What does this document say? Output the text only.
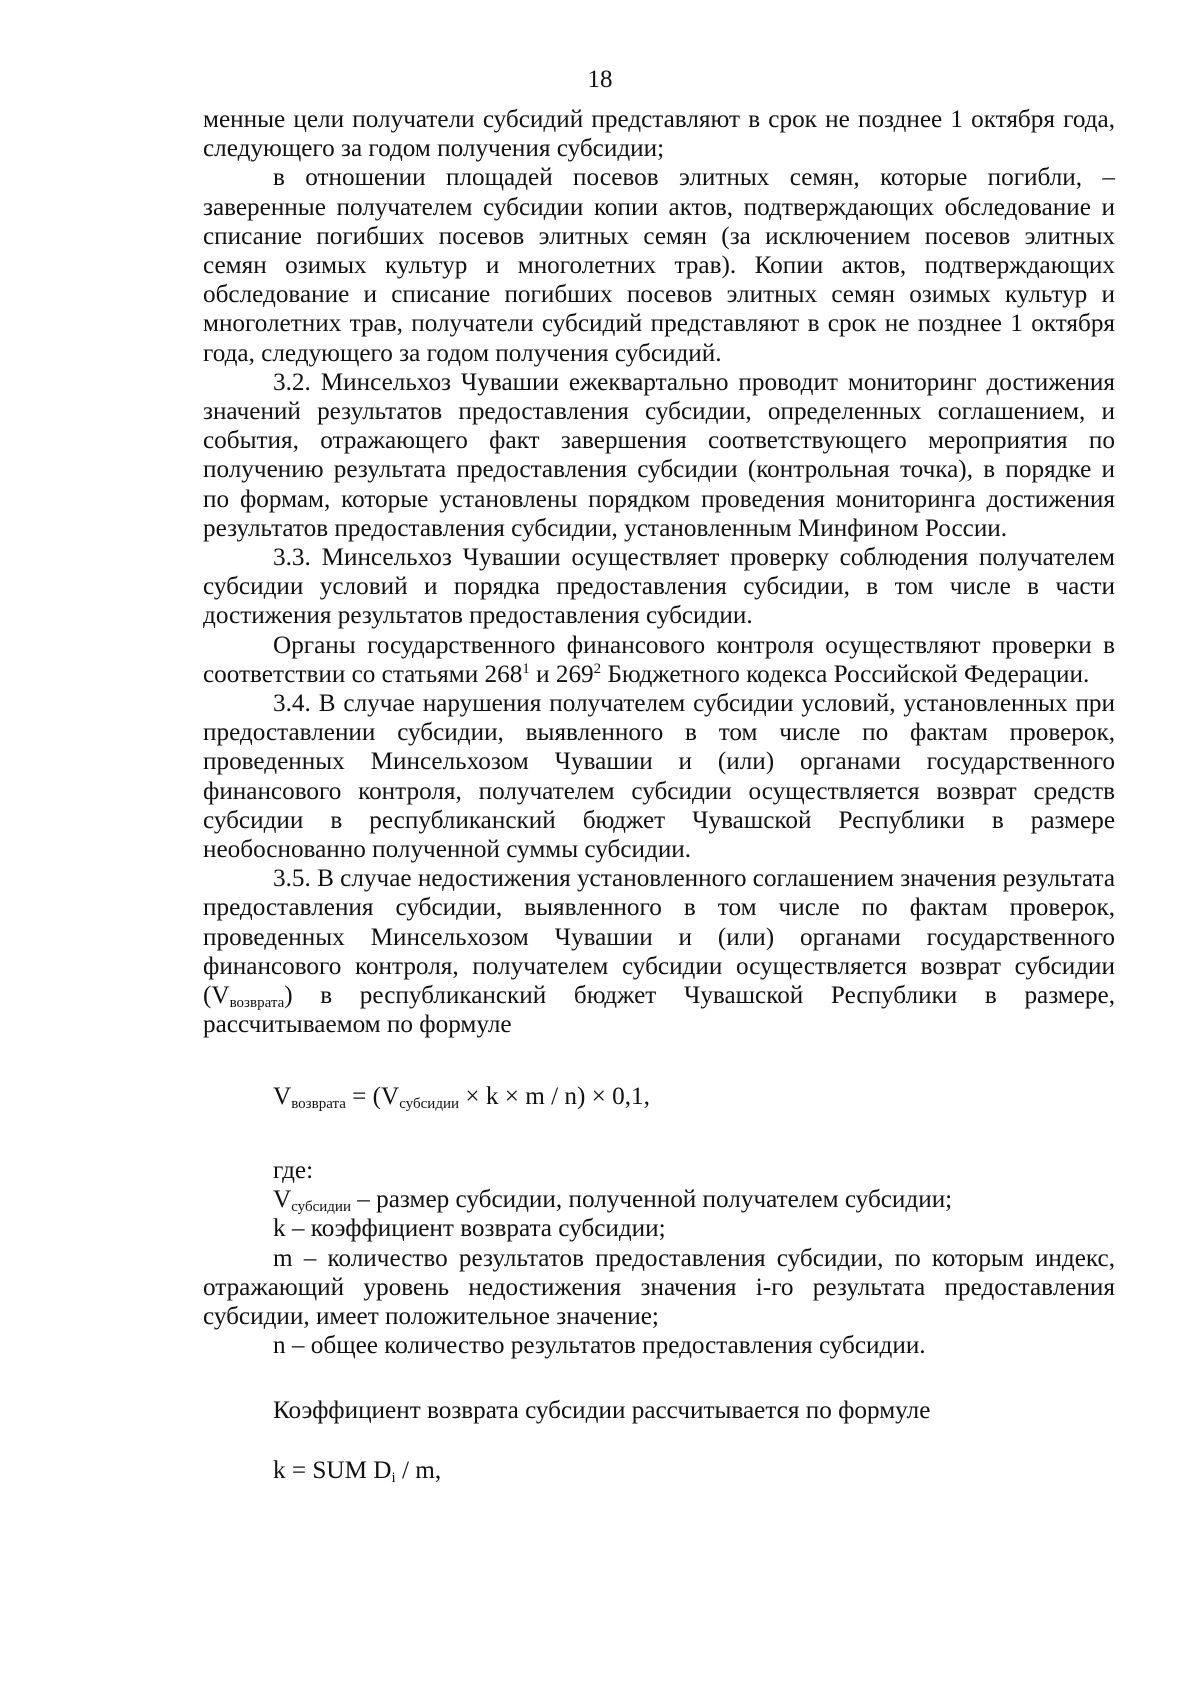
18

менные цели получатели субсидий представляют в срок не позднее 1 октября года, следующего за годом получения субсидии;

в отношении площадей посевов элитных семян, которые погибли, – заверенные получателем субсидии копии актов, подтверждающих обследование и списание погибших посевов элитных семян (за исключением посевов элитных семян озимых культур и многолетних трав). Копии актов, подтверждающих обследование и списание погибших посевов элитных семян озимых культур и многолетних трав, получатели субсидий представляют в срок не позднее 1 октября года, следующего за годом получения субсидий.

3.2. Минсельхоз Чувашии ежеквартально проводит мониторинг достижения значений результатов предоставления субсидии, определенных соглашением, и события, отражающего факт завершения соответствующего мероприятия по получению результата предоставления субсидии (контрольная точка), в порядке и по формам, которые установлены порядком проведения мониторинга достижения результатов предоставления субсидии, установленным Минфином России.

3.3. Минсельхоз Чувашии осуществляет проверку соблюдения получателем субсидии условий и порядка предоставления субсидии, в том числе в части достижения результатов предоставления субсидии.

Органы государственного финансового контроля осуществляют проверки в соответствии со статьями $268^1$ и $269^2$ Бюджетного кодекса Российской Федерации.

3.4. В случае нарушения получателем субсидии условий, установленных при предоставлении субсидии, выявленного в том числе по фактам проверок, проведенных Минсельхозом Чувашии и (или) органами государственного финансового контроля, получателем субсидии осуществляется возврат средств субсидии в республиканский бюджет Чувашской Республики в размере необоснованно полученной суммы субсидии.

3.5. В случае недостижения установленного соглашением значения результата предоставления субсидии, выявленного в том числе по фактам проверок, проведенных Минсельхозом Чувашии и (или) органами государственного финансового контроля, получателем субсидии осуществляется возврат субсидии $(V_{возврата})$ в республиканский бюджет Чувашской Республики в размере, рассчитываемом по формуле

$V_{возврата} = (V_{субсидии} \times k \times m / n) \times 0,1$,

где:

$V_{субсидии}$ – размер субсидии, полученной получателем субсидии;

k – коэффициент возврата субсидии;

m – количество результатов предоставления субсидии, по которым индекс, отражающий уровень недостижения значения i-го результата предоставления субсидии, имеет положительное значение;

n – общее количество результатов предоставления субсидии.

Коэффициент возврата субсидии рассчитывается по формуле
k = SUM $D_i$ / m,
